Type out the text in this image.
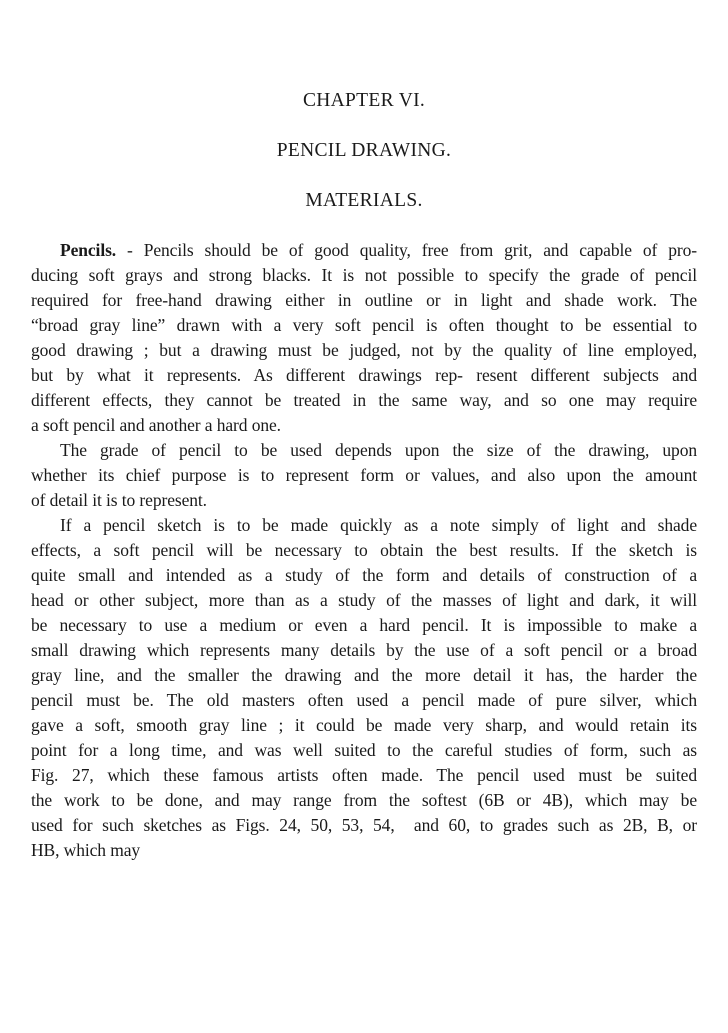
CHAPTER VI.
PENCIL DRAWING.
MATERIALS.
Pencils. - Pencils should be of good quality, free from grit, and capable of pro-
ducing soft grays and strong blacks. It is not possible to specify the grade of pencil
required for free-hand drawing either in outline or in light and shade work. The
“broad gray line” drawn with a very soft pencil is often thought to be essential to
good drawing ; but a drawing must be judged, not by the quality of line employed,
but by what it represents. As different drawings rep- resent different subjects and
different effects, they cannot be treated in the same way, and so one may require
a soft pencil and another a hard one.
The grade of pencil to be used depends upon the size of the drawing, upon
whether its chief purpose is to represent form or values, and also upon the amount
of detail it is to represent.
If a pencil sketch is to be made quickly as a note simply of light and shade
effects, a soft pencil will be necessary to obtain the best results. If the sketch is
quite small and intended as a study of the form and details of construction of a
head or other subject, more than as a study of the masses of light and dark, it will
be necessary to use a medium or even a hard pencil. It is impossible to make a
small drawing which represents many details by the use of a soft pencil or a broad
gray line, and the smaller the drawing and the more detail it has, the harder the
pencil must be. The old masters often used a pencil made of pure silver, which
gave a soft, smooth gray line ; it could be made very sharp, and would retain its
point for a long time, and was well suited to the careful studies of form, such as
Fig. 27, which these famous artists often made. The pencil used must be suited
the work to be done, and may range from the softest (6B or 4B), which may be
used for such sketches as Figs. 24, 50, 53, 54,  and 60, to grades such as 2B, B, or
HB, which may
